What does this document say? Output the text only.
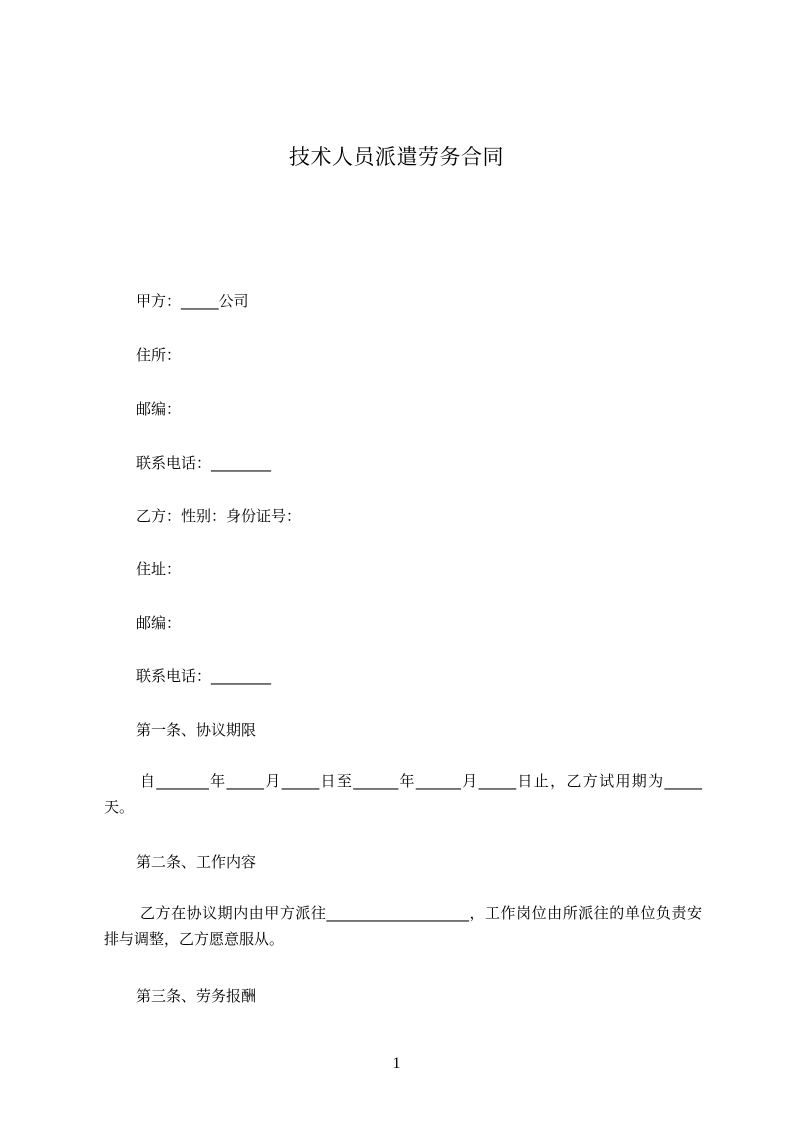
技术人员派遣劳务合同

甲方：_____公司

住所：

邮编：

联系电话：________

乙方：性别：身份证号：

住址：

邮编：

联系电话：________

第一条、协议期限

自_______年_____月_____日至______年______月_____日止，乙方试用期为_____天。

第二条、工作内容

乙方在协议期内由甲方派往___________________，工作岗位由所派往的单位负责安排与调整，乙方愿意服从。

第三条、劳务报酬

1
